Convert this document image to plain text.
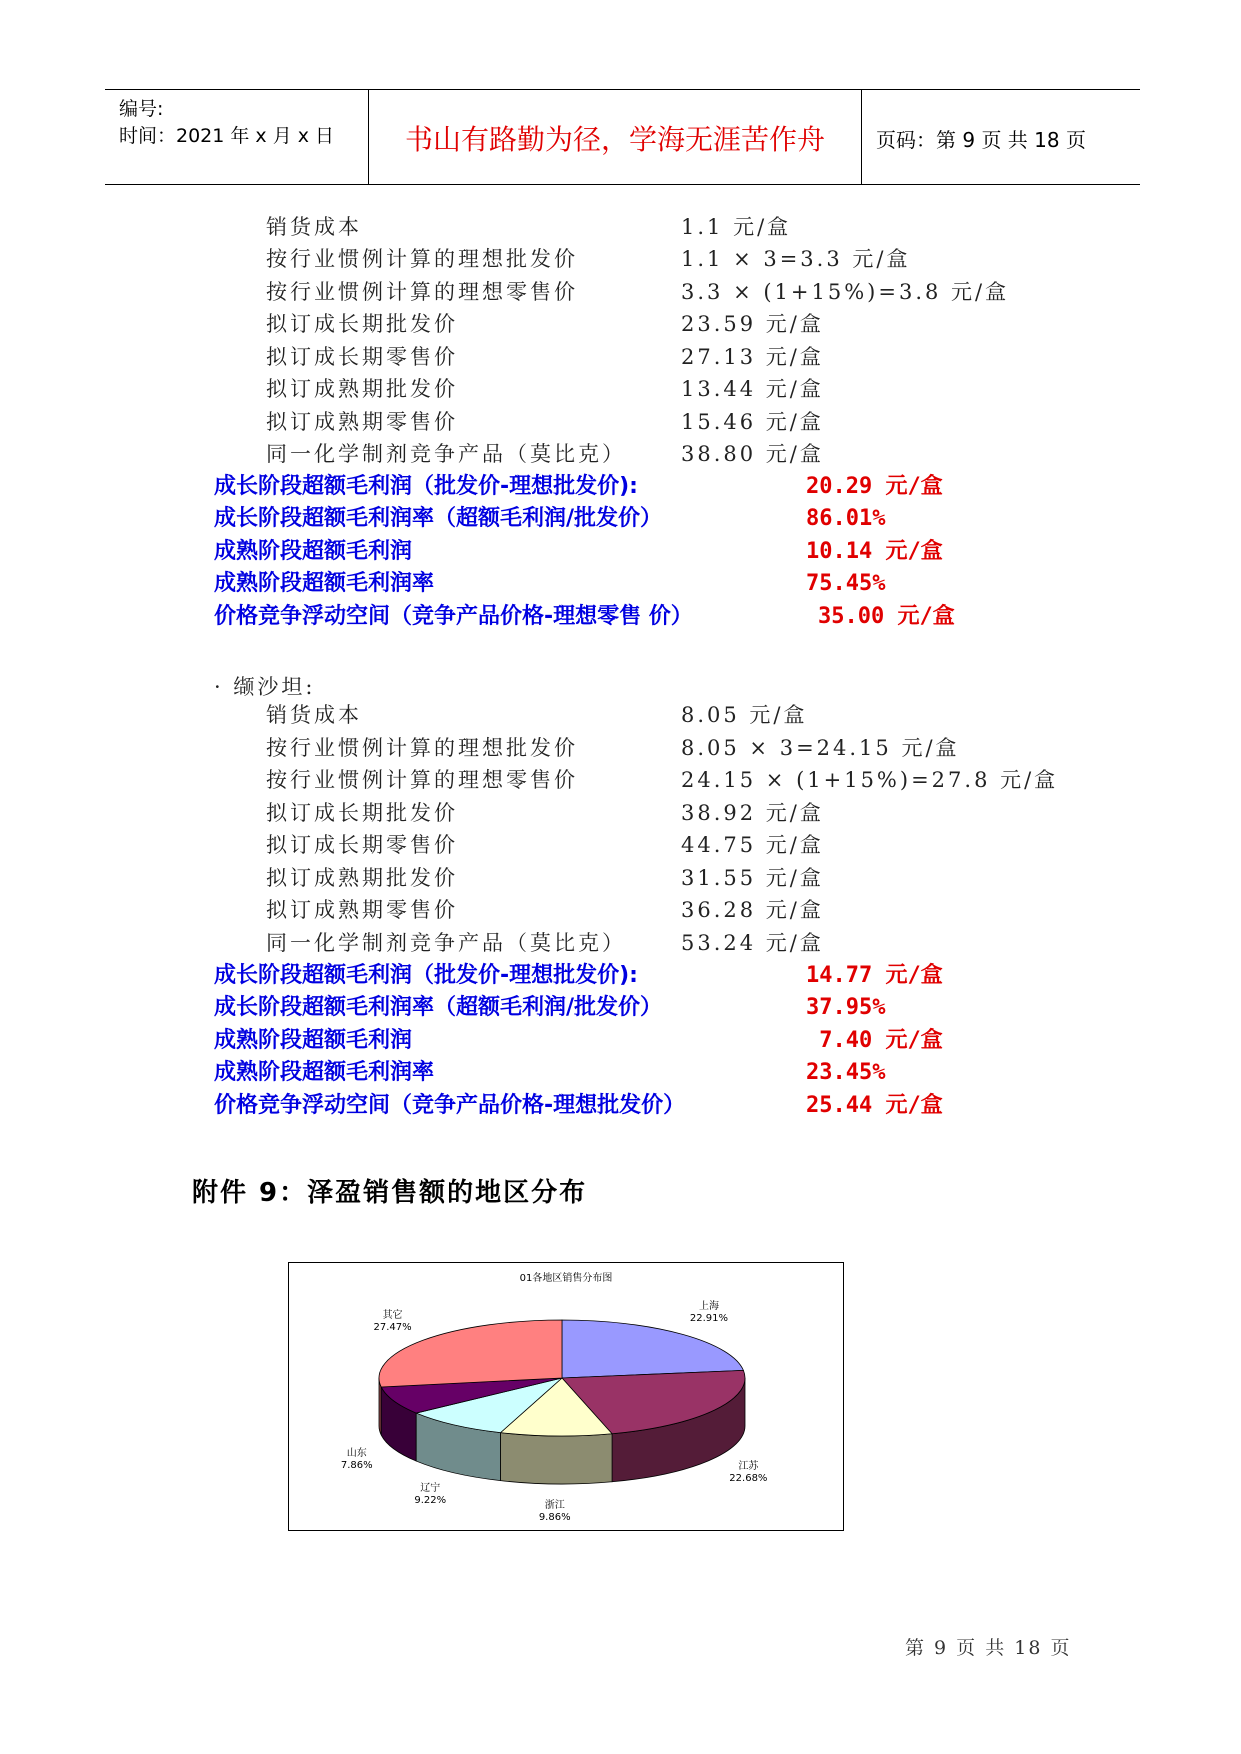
编号:
时间：2021 年 x 月 x 日	书山有路勤为径，学海无涯苦作舟	页码：第 9 页 共 18 页
销货成本	1.1 元/盒
按行业惯例计算的理想批发价	1.1 × 3=3.3 元/盒
按行业惯例计算的理想零售价	3.3 × (1+15%)=3.8 元/盒
拟订成长期批发价	23.59 元/盒
拟订成长期零售价	27.13 元/盒
拟订成熟期批发价	13.44 元/盒
拟订成熟期零售价	15.46 元/盒
同一化学制剂竞争产品（莫比克）	38.80 元/盒
成长阶段超额毛利润（批发价-理想批发价):	20.29 元/盒
成长阶段超额毛利润率（超额毛利润/批发价）	86.01%
成熟阶段超额毛利润	10.14 元/盒
成熟阶段超额毛利润率	75.45%
价格竞争浮动空间（竞争产品价格-理想零售 价）	35.00 元/盒
· 缬沙坦:
销货成本	8.05 元/盒
按行业惯例计算的理想批发价	8.05 × 3=24.15 元/盒
按行业惯例计算的理想零售价	24.15 × (1+15%)=27.8 元/盒
拟订成长期批发价	38.92 元/盒
拟订成长期零售价	44.75 元/盒
拟订成熟期批发价	31.55 元/盒
拟订成熟期零售价	36.28 元/盒
同一化学制剂竞争产品（莫比克）	53.24 元/盒
成长阶段超额毛利润（批发价-理想批发价):	14.77 元/盒
成长阶段超额毛利润率（超额毛利润/批发价）	37.95%
成熟阶段超额毛利润	7.40 元/盒
成熟阶段超额毛利润率	23.45%
价格竞争浮动空间（竞争产品价格-理想批发价）	25.44 元/盒
附件 9：泽盈销售额的地区分布
01各地区销售分布图
上海
22.91%
江苏
22.68%
浙江
9.86%
辽宁
9.22%
山东
7.86%
其它
27.47%
第 9 页 共 18 页
